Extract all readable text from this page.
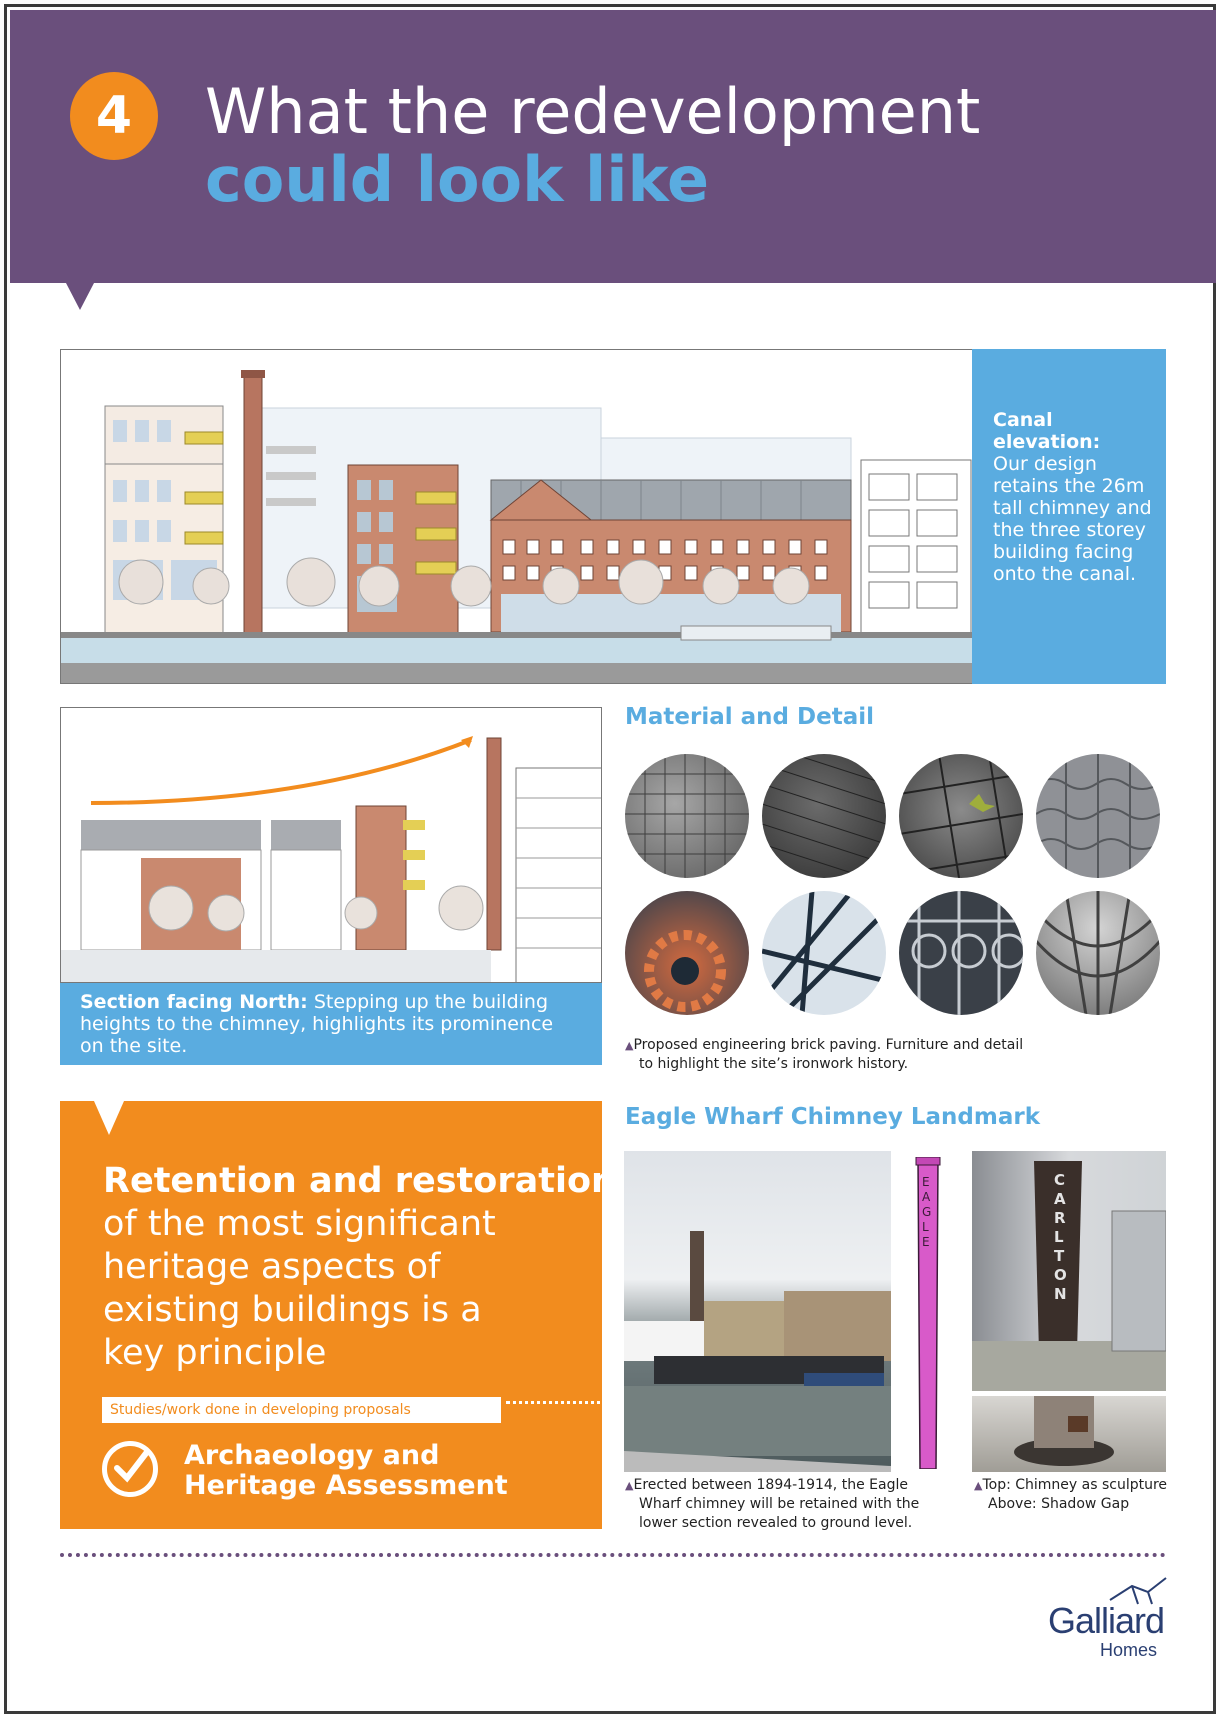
4	What the redevelopment
could look like
Canal elevation:
Our design retains the 26m tall chimney and the three storey building facing onto the canal.
Section facing North: Stepping up the building heights to the chimney, highlights its prominence on the site.
Material and Detail
▲Proposed engineering brick paving. Furniture and detail
to highlight the site’s ironwork history.
Retention and restoration
of the most significant
heritage aspects of
existing buildings is a
key principle
Studies/work done in developing proposals
Archaeology and
Heritage Assessment
Eagle Wharf Chimney Landmark
EAGLE
CARLTON
▲Erected between 1894-1914, the Eagle
Wharf chimney will be retained with the
lower section revealed to ground level.
▲Top: Chimney as sculpture
Above: Shadow Gap
Galliard
Homes
